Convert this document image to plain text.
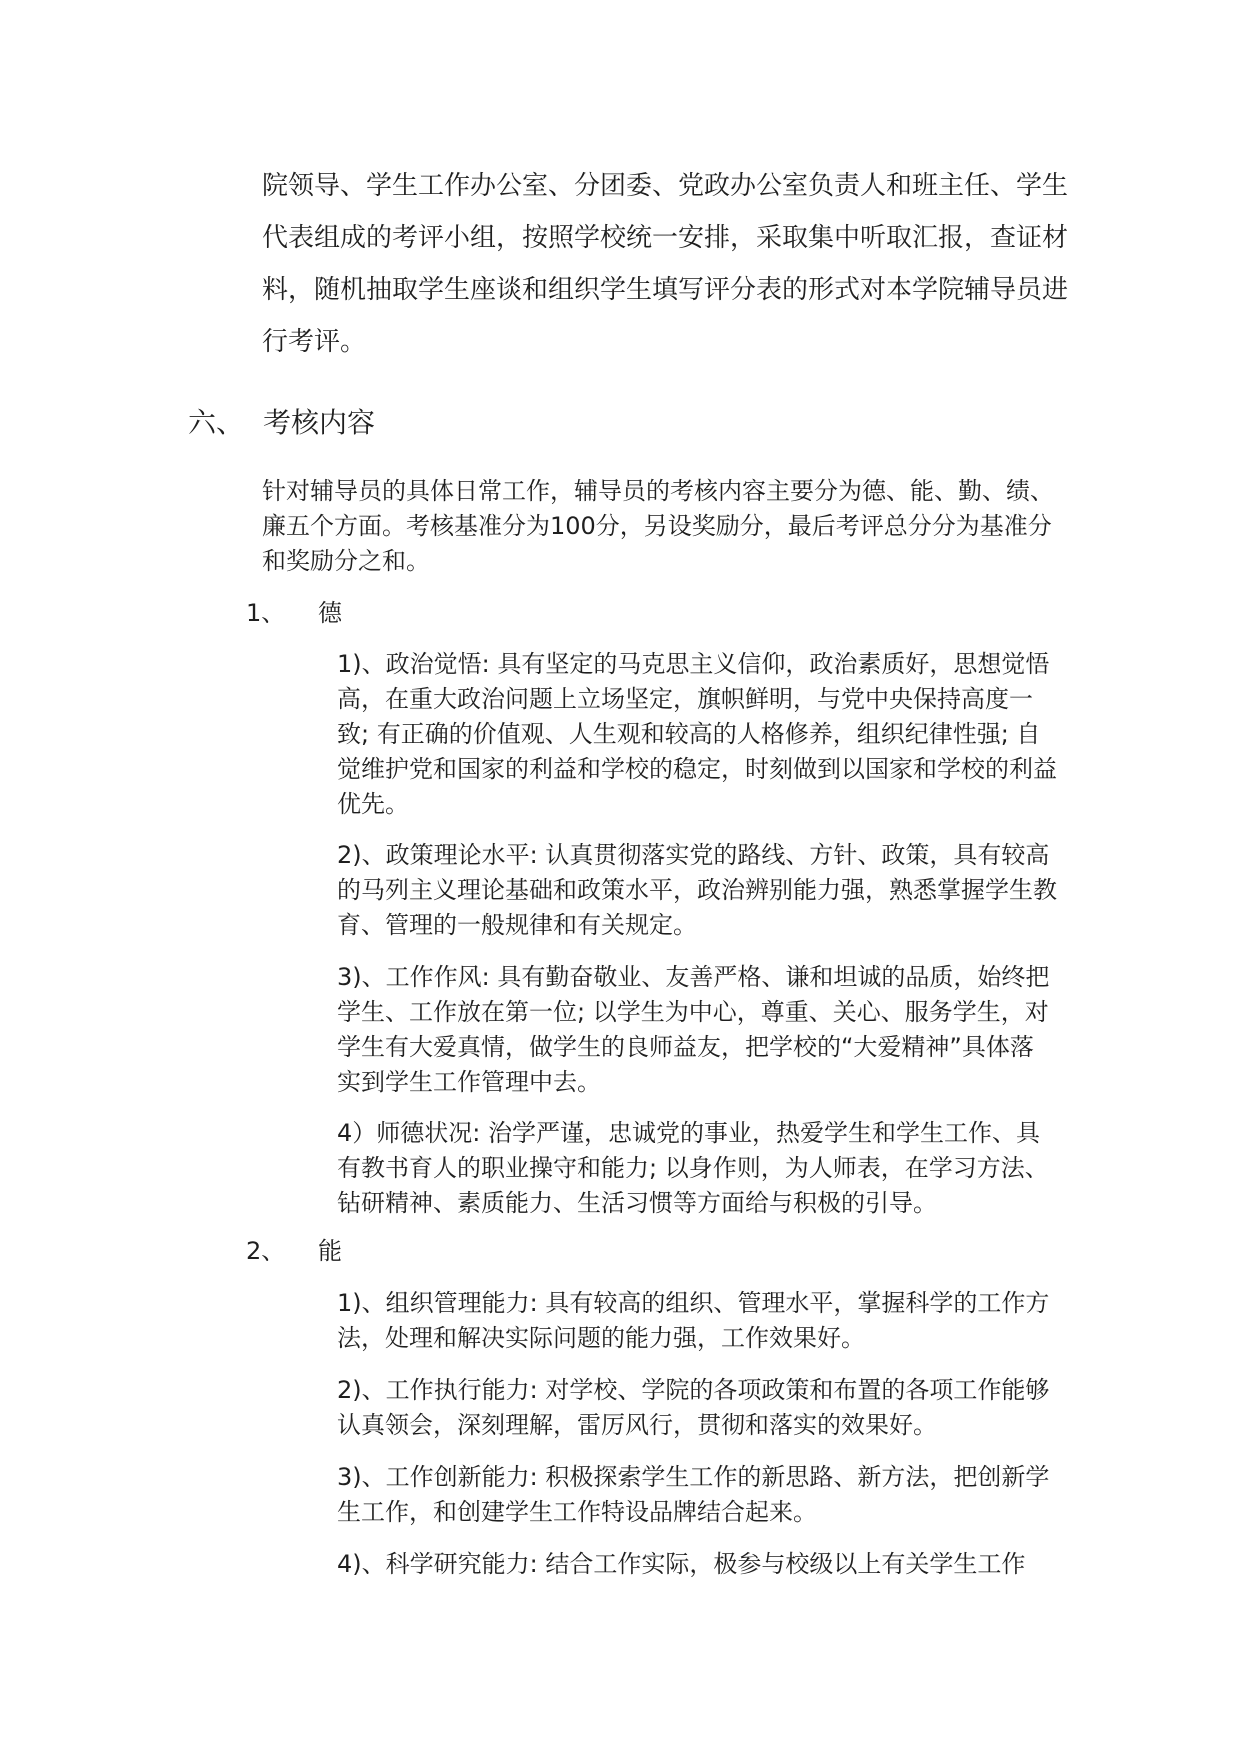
院领导、学生工作办公室、分团委、党政办公室负责人和班主任、学生代表组成的考评小组，按照学校统一安排，采取集中听取汇报，查证材料，随机抽取学生座谈和组织学生填写评分表的形式对本学院辅导员进行考评。

六、 考核内容

针对辅导员的具体日常工作，辅导员的考核内容主要分为德、能、勤、绩、廉五个方面。考核基准分为100分，另设奖励分，最后考评总分分为基准分和奖励分之和。

1、	德

1)、政治觉悟: 具有坚定的马克思主义信仰，政治素质好，思想觉悟高，在重大政治问题上立场坚定，旗帜鲜明，与党中央保持高度一致; 有正确的价值观、人生观和较高的人格修养，组织纪律性强; 自觉维护党和国家的利益和学校的稳定，时刻做到以国家和学校的利益优先。

2)、政策理论水平: 认真贯彻落实党的路线、方针、政策，具有较高的马列主义理论基础和政策水平，政治辨别能力强，熟悉掌握学生教育、管理的一般规律和有关规定。

3)、工作作风: 具有勤奋敬业、友善严格、谦和坦诚的品质，始终把学生、工作放在第一位; 以学生为中心，尊重、关心、服务学生，对学生有大爱真情，做学生的良师益友，把学校的“大爱精神”具体落实到学生工作管理中去。

4）师德状况: 治学严谨，忠诚党的事业，热爱学生和学生工作、具有教书育人的职业操守和能力; 以身作则，为人师表，在学习方法、钻研精神、素质能力、生活习惯等方面给与积极的引导。

2、	能

1)、组织管理能力: 具有较高的组织、管理水平，掌握科学的工作方法，处理和解决实际问题的能力强，工作效果好。

2)、工作执行能力: 对学校、学院的各项政策和布置的各项工作能够认真领会，深刻理解，雷厉风行，贯彻和落实的效果好。

3)、工作创新能力: 积极探索学生工作的新思路、新方法，把创新学生工作，和创建学生工作特设品牌结合起来。

4)、科学研究能力: 结合工作实际，极参与校级以上有关学生工作
